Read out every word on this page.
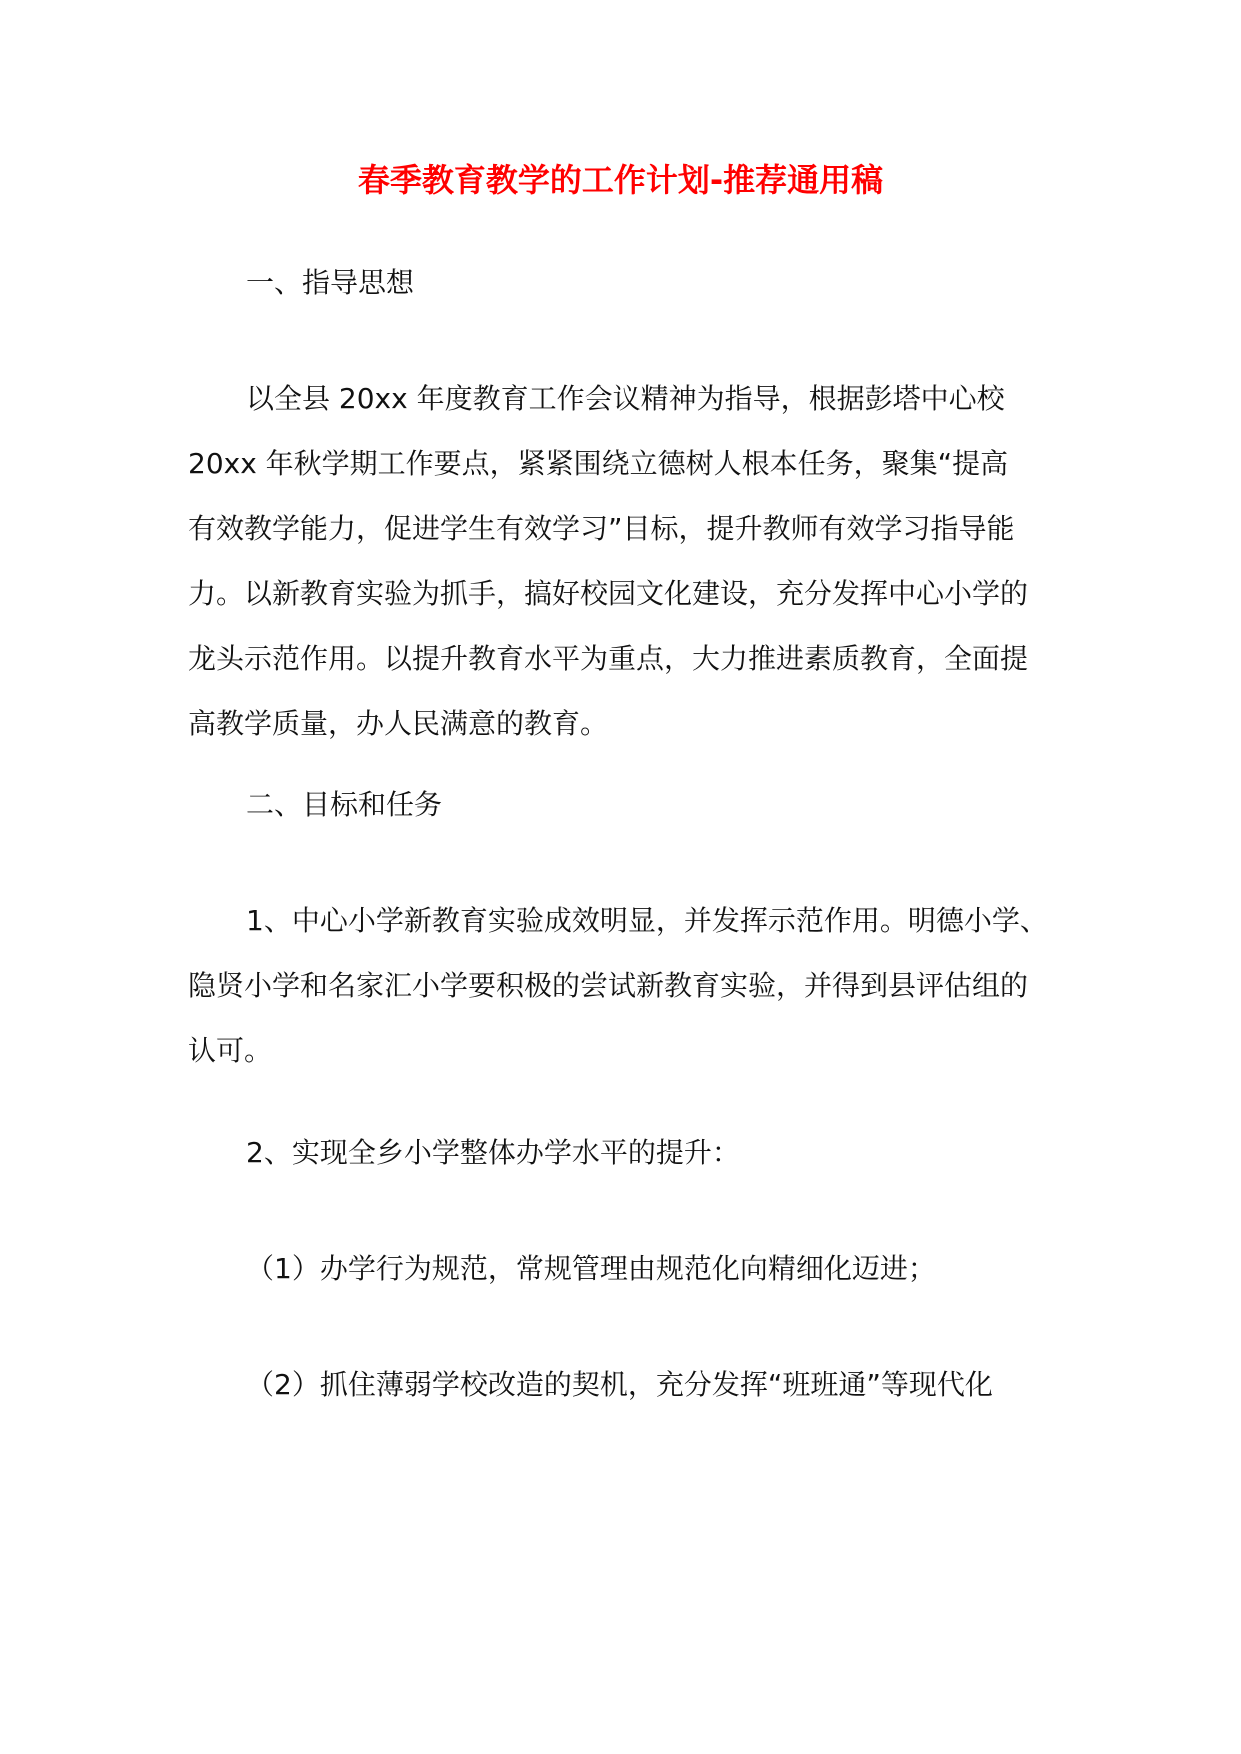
春季教育教学的工作计划-推荐通用稿
一、指导思想
以全县 20xx 年度教育工作会议精神为指导，根据彭塔中心校
20xx 年秋学期工作要点，紧紧围绕立德树人根本任务，聚集“提高
有效教学能力，促进学生有效学习”目标，提升教师有效学习指导能
力。以新教育实验为抓手，搞好校园文化建设，充分发挥中心小学的
龙头示范作用。以提升教育水平为重点，大力推进素质教育，全面提
高教学质量，办人民满意的教育。
二、目标和任务
1、中心小学新教育实验成效明显，并发挥示范作用。明德小学、
隐贤小学和名家汇小学要积极的尝试新教育实验，并得到县评估组的
认可。
2、实现全乡小学整体办学水平的提升：
（1）办学行为规范，常规管理由规范化向精细化迈进；
（2）抓住薄弱学校改造的契机，充分发挥“班班通”等现代化
